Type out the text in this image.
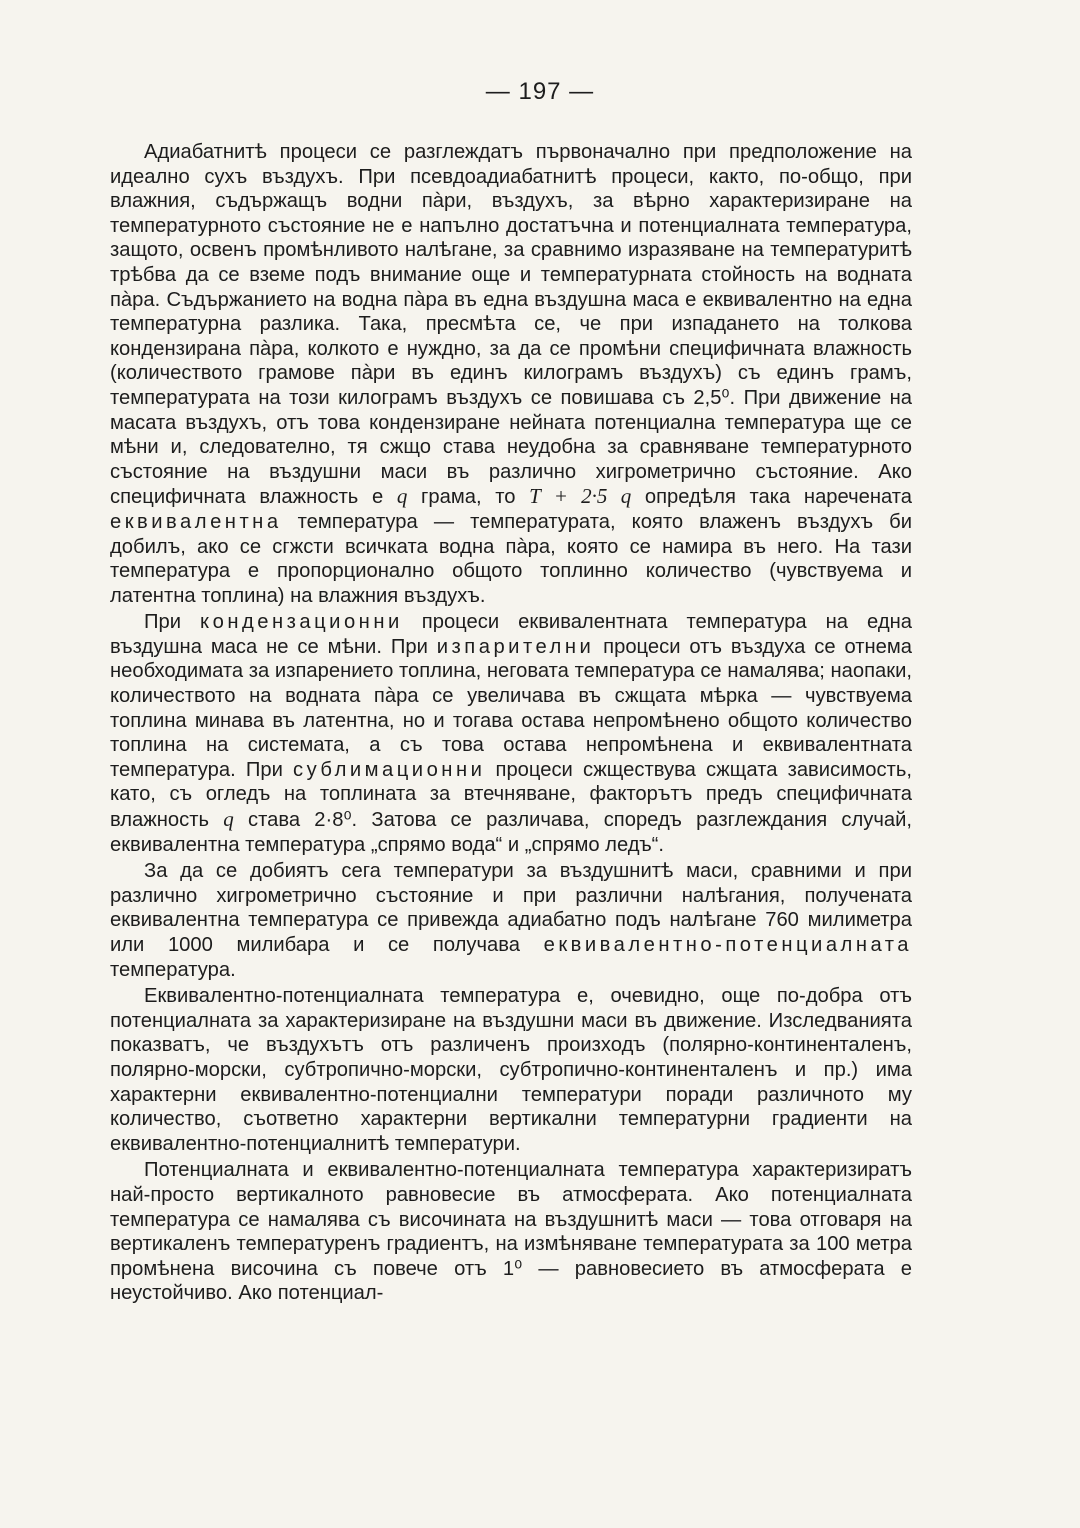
— 197 —

Адиабатнитѣ процеси се разглеждатъ първоначално при предположение на идеално сухъ въздухъ. При псевдоадиабатнитѣ процеси, както, по-общо, при влажния, съдържащъ водни пàри, въздухъ, за вѣрно характеризиране на температурното състояние не е напълно достатъчна и потенциалната температура, защото, освенъ промѣнливото налѣгане, за сравнимо изразяване на температуритѣ трѣбва да се вземе подъ внимание още и температурната стойность на водната пàра. Съдържанието на водна пàра въ една въздушна маса е еквивалентно на една температурна разлика. Така, пресмѣта се, че при изпадането на толкова кондензирана пàра, колкото е нуждно, за да се промѣни специфичната влажность (количеството грамове пàри въ единъ килограмъ въздухъ) съ единъ грамъ, температурата на този килограмъ въздухъ се повишава съ 2,5⁰. При движение на масата въздухъ, отъ това кондензиране нейната потенциална температура ще се мѣни и, следователно, тя сжщо става неудобна за сравняване температурното състояние на въздушни маси въ различно хигрометрично състояние. Ако специфичната влажность е q грама, то T + 2·5 q опредѣля така наречената еквивалентна температура — температурата, която влаженъ въздухъ би добилъ, ако се сгжсти всичката водна пàра, която се намира въ него. На тази температура е пропорционално общото топлинно количество (чувствуема и латентна топлина) на влажния въздухъ.

При кондензационни процеси еквивалентната температура на една въздушна маса не се мѣни. При изпарителни процеси отъ въздуха се отнема необходимата за изпарението топлина, неговата температура се намалява; наопаки, количеството на водната пàра се увеличава въ сжщата мѣрка — чувствуема топлина минава въ латентна, но и тогава остава непромѣнено общото количество топлина на системата, а съ това остава непромѣнена и еквивалентната температура. При сублимационни процеси сжществува сжщата зависимость, като, съ огледъ на топлината за втечняване, факторътъ предъ специфичната влажность q става 2·8⁰. Затова се различава, споредъ разглеждания случай, еквивалентна температура „спрямо вода“ и „спрямо ледъ“.

За да се добиятъ сега температури за въздушнитѣ маси, сравними и при различно хигрометрично състояние и при различни налѣгания, получената еквивалентна температура се привежда адиабатно подъ налѣгане 760 милиметра или 1000 милибара и се получава еквивалентно-потенциалната температура.

Еквивалентно-потенциалната температура е, очевидно, още по-добра отъ потенциалната за характеризиране на въздушни маси въ движение. Изследванията показватъ, че въздухътъ отъ различенъ произходъ (полярно-континенталенъ, полярно-морски, субтропично-морски, субтропично-континенталенъ и пр.) има характерни еквивалентно-потенциални температури поради различното му количество, съответно характерни вертикални температурни градиенти на еквивалентно-потенциалнитѣ температури.

Потенциалната и еквивалентно-потенциалната температура характеризиратъ най-просто вертикалното равновесие въ атмосферата. Ако потенциалната температура се намалява съ височината на въздушнитѣ маси — това отговаря на вертикаленъ температуренъ градиентъ, на измѣняване температурата за 100 метра промѣнена височина съ повече отъ 1⁰ — равновесието въ атмосферата е неустойчиво. Ако потенциал-
